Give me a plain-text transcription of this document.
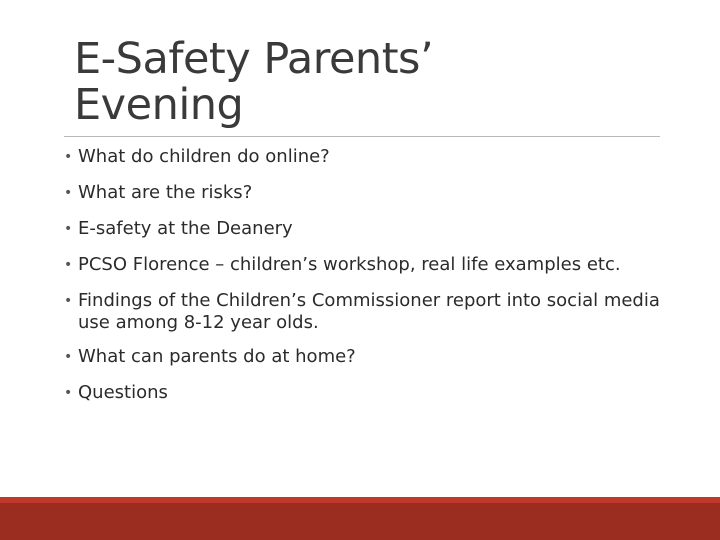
E-Safety Parents’
Evening
• What do children do online?
• What are the risks?
• E-safety at the Deanery
• PCSO Florence – children’s workshop, real life examples etc.
• Findings of the Children’s Commissioner report into social media use among 8-12 year olds.
• What can parents do at home?
• Questions
